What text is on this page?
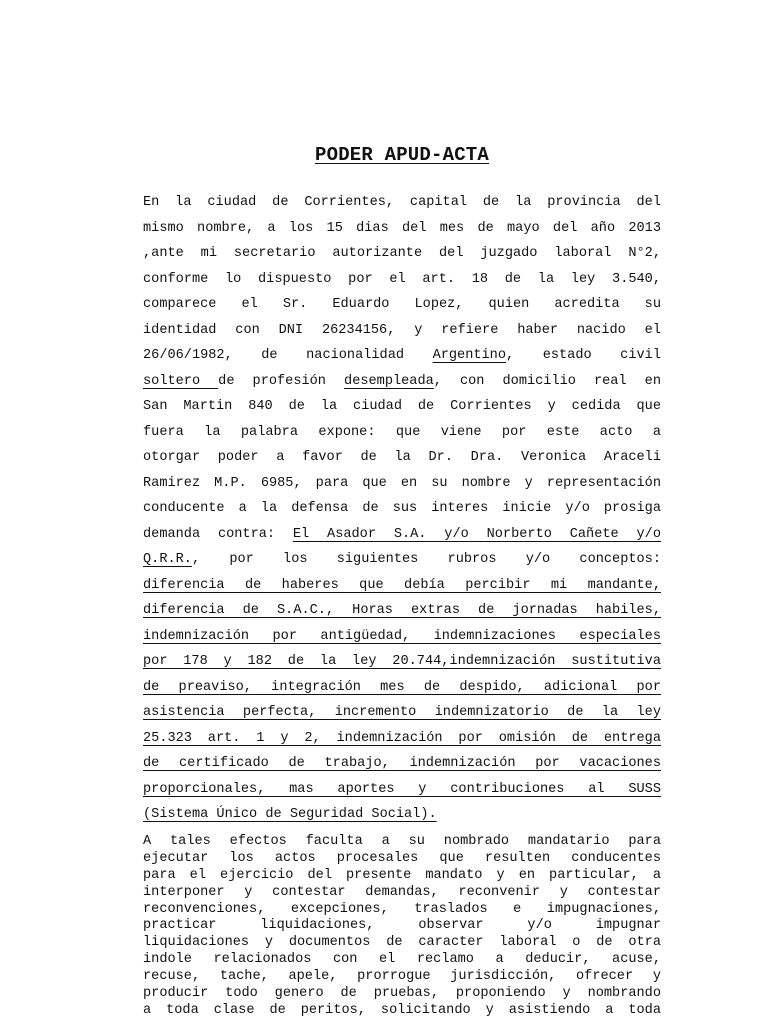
PODER APUD-ACTA
En la ciudad de Corrientes, capital de la provincia del
mismo nombre, a los 15 dias del mes de mayo del año 2013
,ante mi secretario autorizante del juzgado laboral N°2,
conforme lo dispuesto por el art. 18 de la ley 3.540,
comparece el Sr. Eduardo Lopez, quien acredita su
identidad con DNI 26234156, y refiere haber nacido el
26/06/1982, de nacionalidad Argentino, estado civil
soltero de profesión desempleada, con domicilio real en
San Martin 840 de la ciudad de Corrientes y cedida que
fuera la palabra expone: que viene por este acto a
otorgar poder a favor de la Dr. Dra. Veronica Araceli
Ramirez M.P. 6985, para que en su nombre y representación
conducente a la defensa de sus interes inicie y/o prosiga
demanda contra: El Asador S.A. y/o Norberto Cañete y/o
Q.R.R., por los siguientes rubros y/o conceptos:
diferencia de haberes que debía percibir mi mandante,
diferencia de S.A.C., Horas extras de jornadas habiles,
indemnización por antigüedad, indemnizaciones especiales
por 178 y 182 de la ley 20.744,indemnización sustitutiva
de preaviso, integración mes de despido, adicional por
asistencia perfecta, incremento indemnizatorio de la ley
25.323 art. 1 y 2, indemnización por omisión de entrega
de certificado de trabajo, indemnización por vacaciones
proporcionales, mas aportes y contribuciones al SUSS
(Sistema Único de Seguridad Social).
A tales efectos faculta a su nombrado mandatario para
ejecutar los actos procesales que resulten conducentes
para el ejercicio del presente mandato y en particular, a
interponer y contestar demandas, reconvenir y contestar
reconvenciones, excepciones, traslados e impugnaciones,
practicar liquidaciones, observar y/o impugnar
liquidaciones y documentos de caracter laboral o de otra
indole relacionados con el reclamo a deducir, acuse,
recuse, tache, apele, prorrogue jurisdicción, ofrecer y
producir todo genero de pruebas, proponiendo y nombrando
a toda clase de peritos, solicitando y asistiendo a toda
